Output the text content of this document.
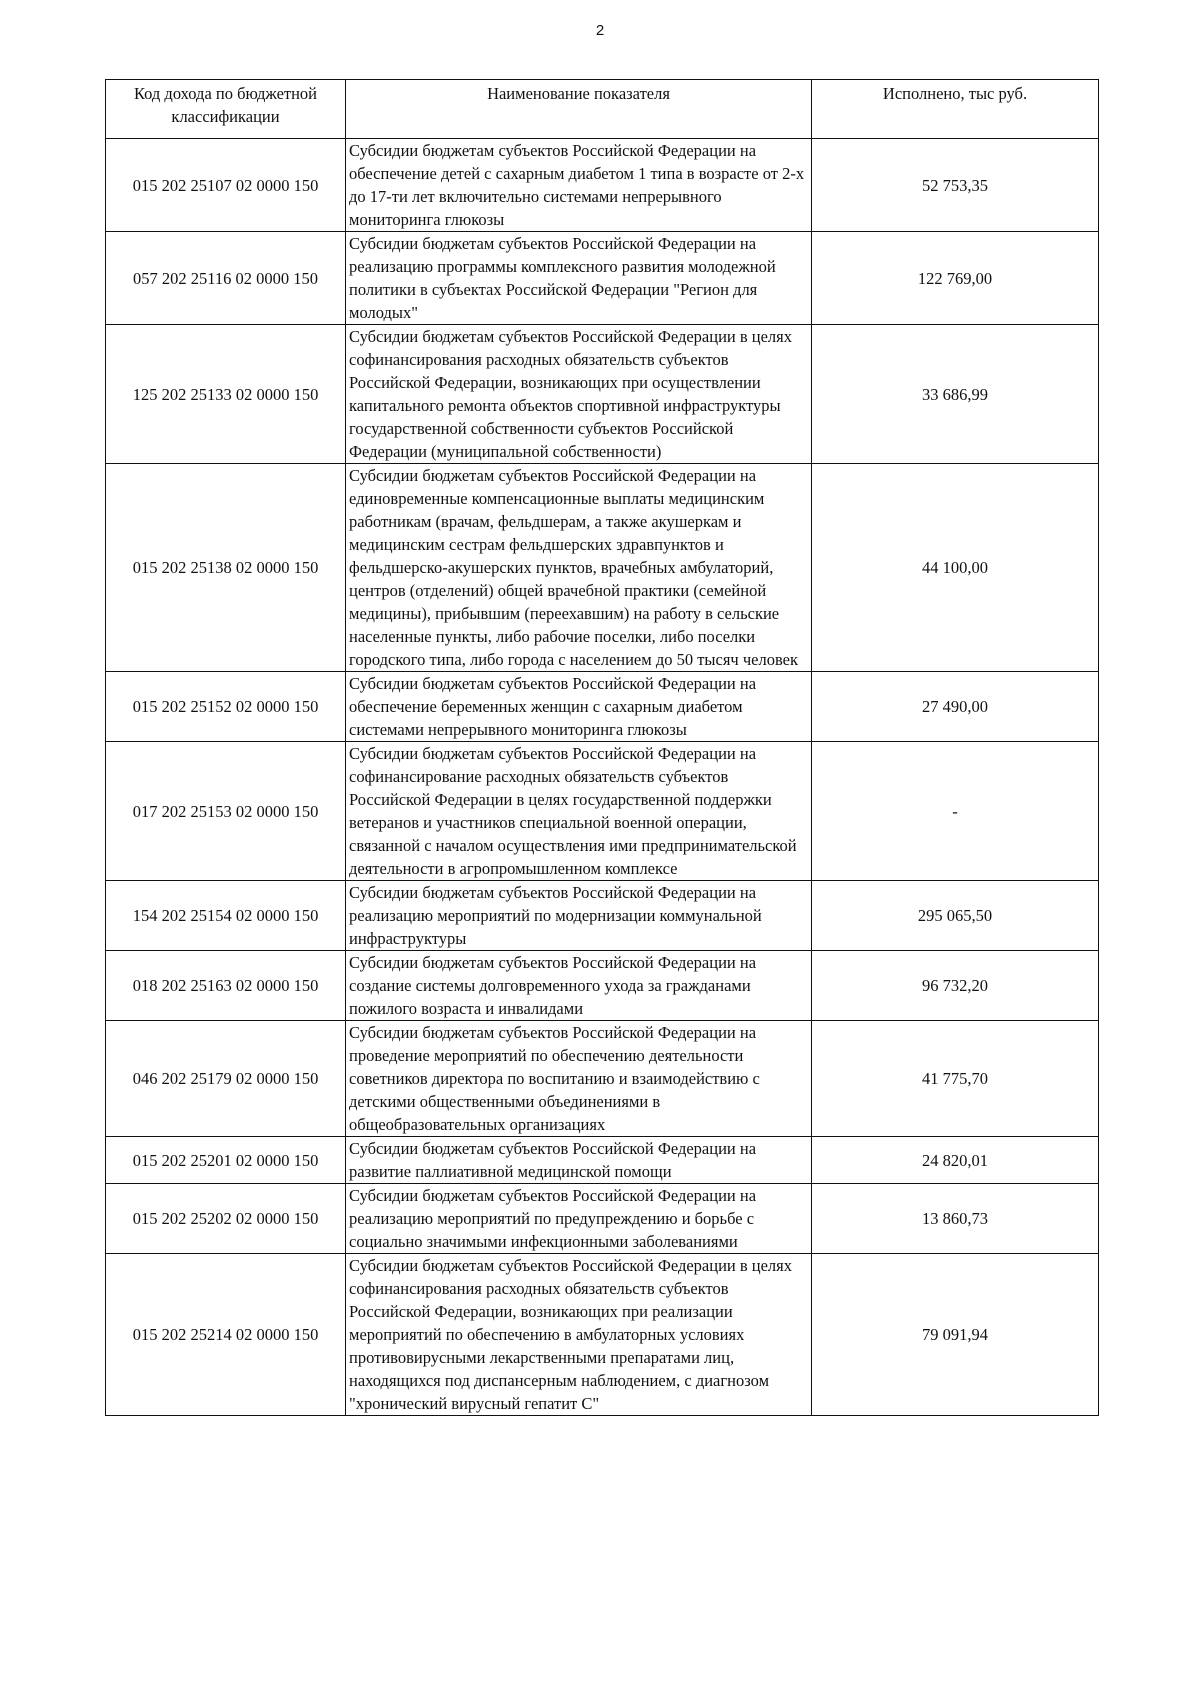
2
Код дохода по бюджетной классификации	Наименование показателя	Исполнено, тыс руб.
015 202 25107 02 0000 150	Субсидии бюджетам субъектов Российской Федерации на обеспечение детей с сахарным диабетом 1 типа в возрасте от 2-х до 17-ти лет включительно системами непрерывного мониторинга глюкозы	52 753,35
057 202 25116 02 0000 150	Субсидии бюджетам субъектов Российской Федерации на реализацию программы комплексного развития молодежной политики в субъектах Российской Федерации "Регион для молодых"	122 769,00
125 202 25133 02 0000 150	Субсидии бюджетам субъектов Российской Федерации в целях софинансирования расходных обязательств субъектов Российской Федерации, возникающих при осуществлении капитального ремонта объектов спортивной инфраструктуры государственной собственности субъектов Российской Федерации (муниципальной собственности)	33 686,99
015 202 25138 02 0000 150	Субсидии бюджетам субъектов Российской Федерации на единовременные компенсационные выплаты медицинским работникам (врачам, фельдшерам, а также акушеркам и медицинским сестрам фельдшерских здравпунктов и фельдшерско-акушерских пунктов, врачебных амбулаторий, центров (отделений) общей врачебной практики (семейной медицины), прибывшим (переехавшим) на работу в сельские населенные пункты, либо рабочие поселки, либо поселки городского типа, либо города с населением до 50 тысяч человек	44 100,00
015 202 25152 02 0000 150	Субсидии бюджетам субъектов Российской Федерации на обеспечение беременных женщин с сахарным диабетом системами непрерывного мониторинга глюкозы	27 490,00
017 202 25153 02 0000 150	Субсидии бюджетам субъектов Российской Федерации на софинансирование расходных обязательств субъектов Российской Федерации в целях государственной поддержки ветеранов и участников специальной военной операции, связанной с началом осуществления ими предпринимательской деятельности в агропромышленном комплексе	-
154 202 25154 02 0000 150	Субсидии бюджетам субъектов Российской Федерации на реализацию мероприятий по модернизации коммунальной инфраструктуры	295 065,50
018 202 25163 02 0000 150	Субсидии бюджетам субъектов Российской Федерации на создание системы долговременного ухода за гражданами пожилого возраста и инвалидами	96 732,20
046 202 25179 02 0000 150	Субсидии бюджетам субъектов Российской Федерации на проведение мероприятий по обеспечению деятельности советников директора по воспитанию и взаимодействию с детскими общественными объединениями в общеобразовательных организациях	41 775,70
015 202 25201 02 0000 150	Субсидии бюджетам субъектов Российской Федерации на развитие паллиативной медицинской помощи	24 820,01
015 202 25202 02 0000 150	Субсидии бюджетам субъектов Российской Федерации на реализацию мероприятий по предупреждению и борьбе с социально значимыми инфекционными заболеваниями	13 860,73
015 202 25214 02 0000 150	Субсидии бюджетам субъектов Российской Федерации в целях софинансирования расходных обязательств субъектов Российской Федерации, возникающих при реализации мероприятий по обеспечению в амбулаторных условиях противовирусными лекарственными препаратами лиц, находящихся под диспансерным наблюдением, с диагнозом "хронический вирусный гепатит С"	79 091,94
